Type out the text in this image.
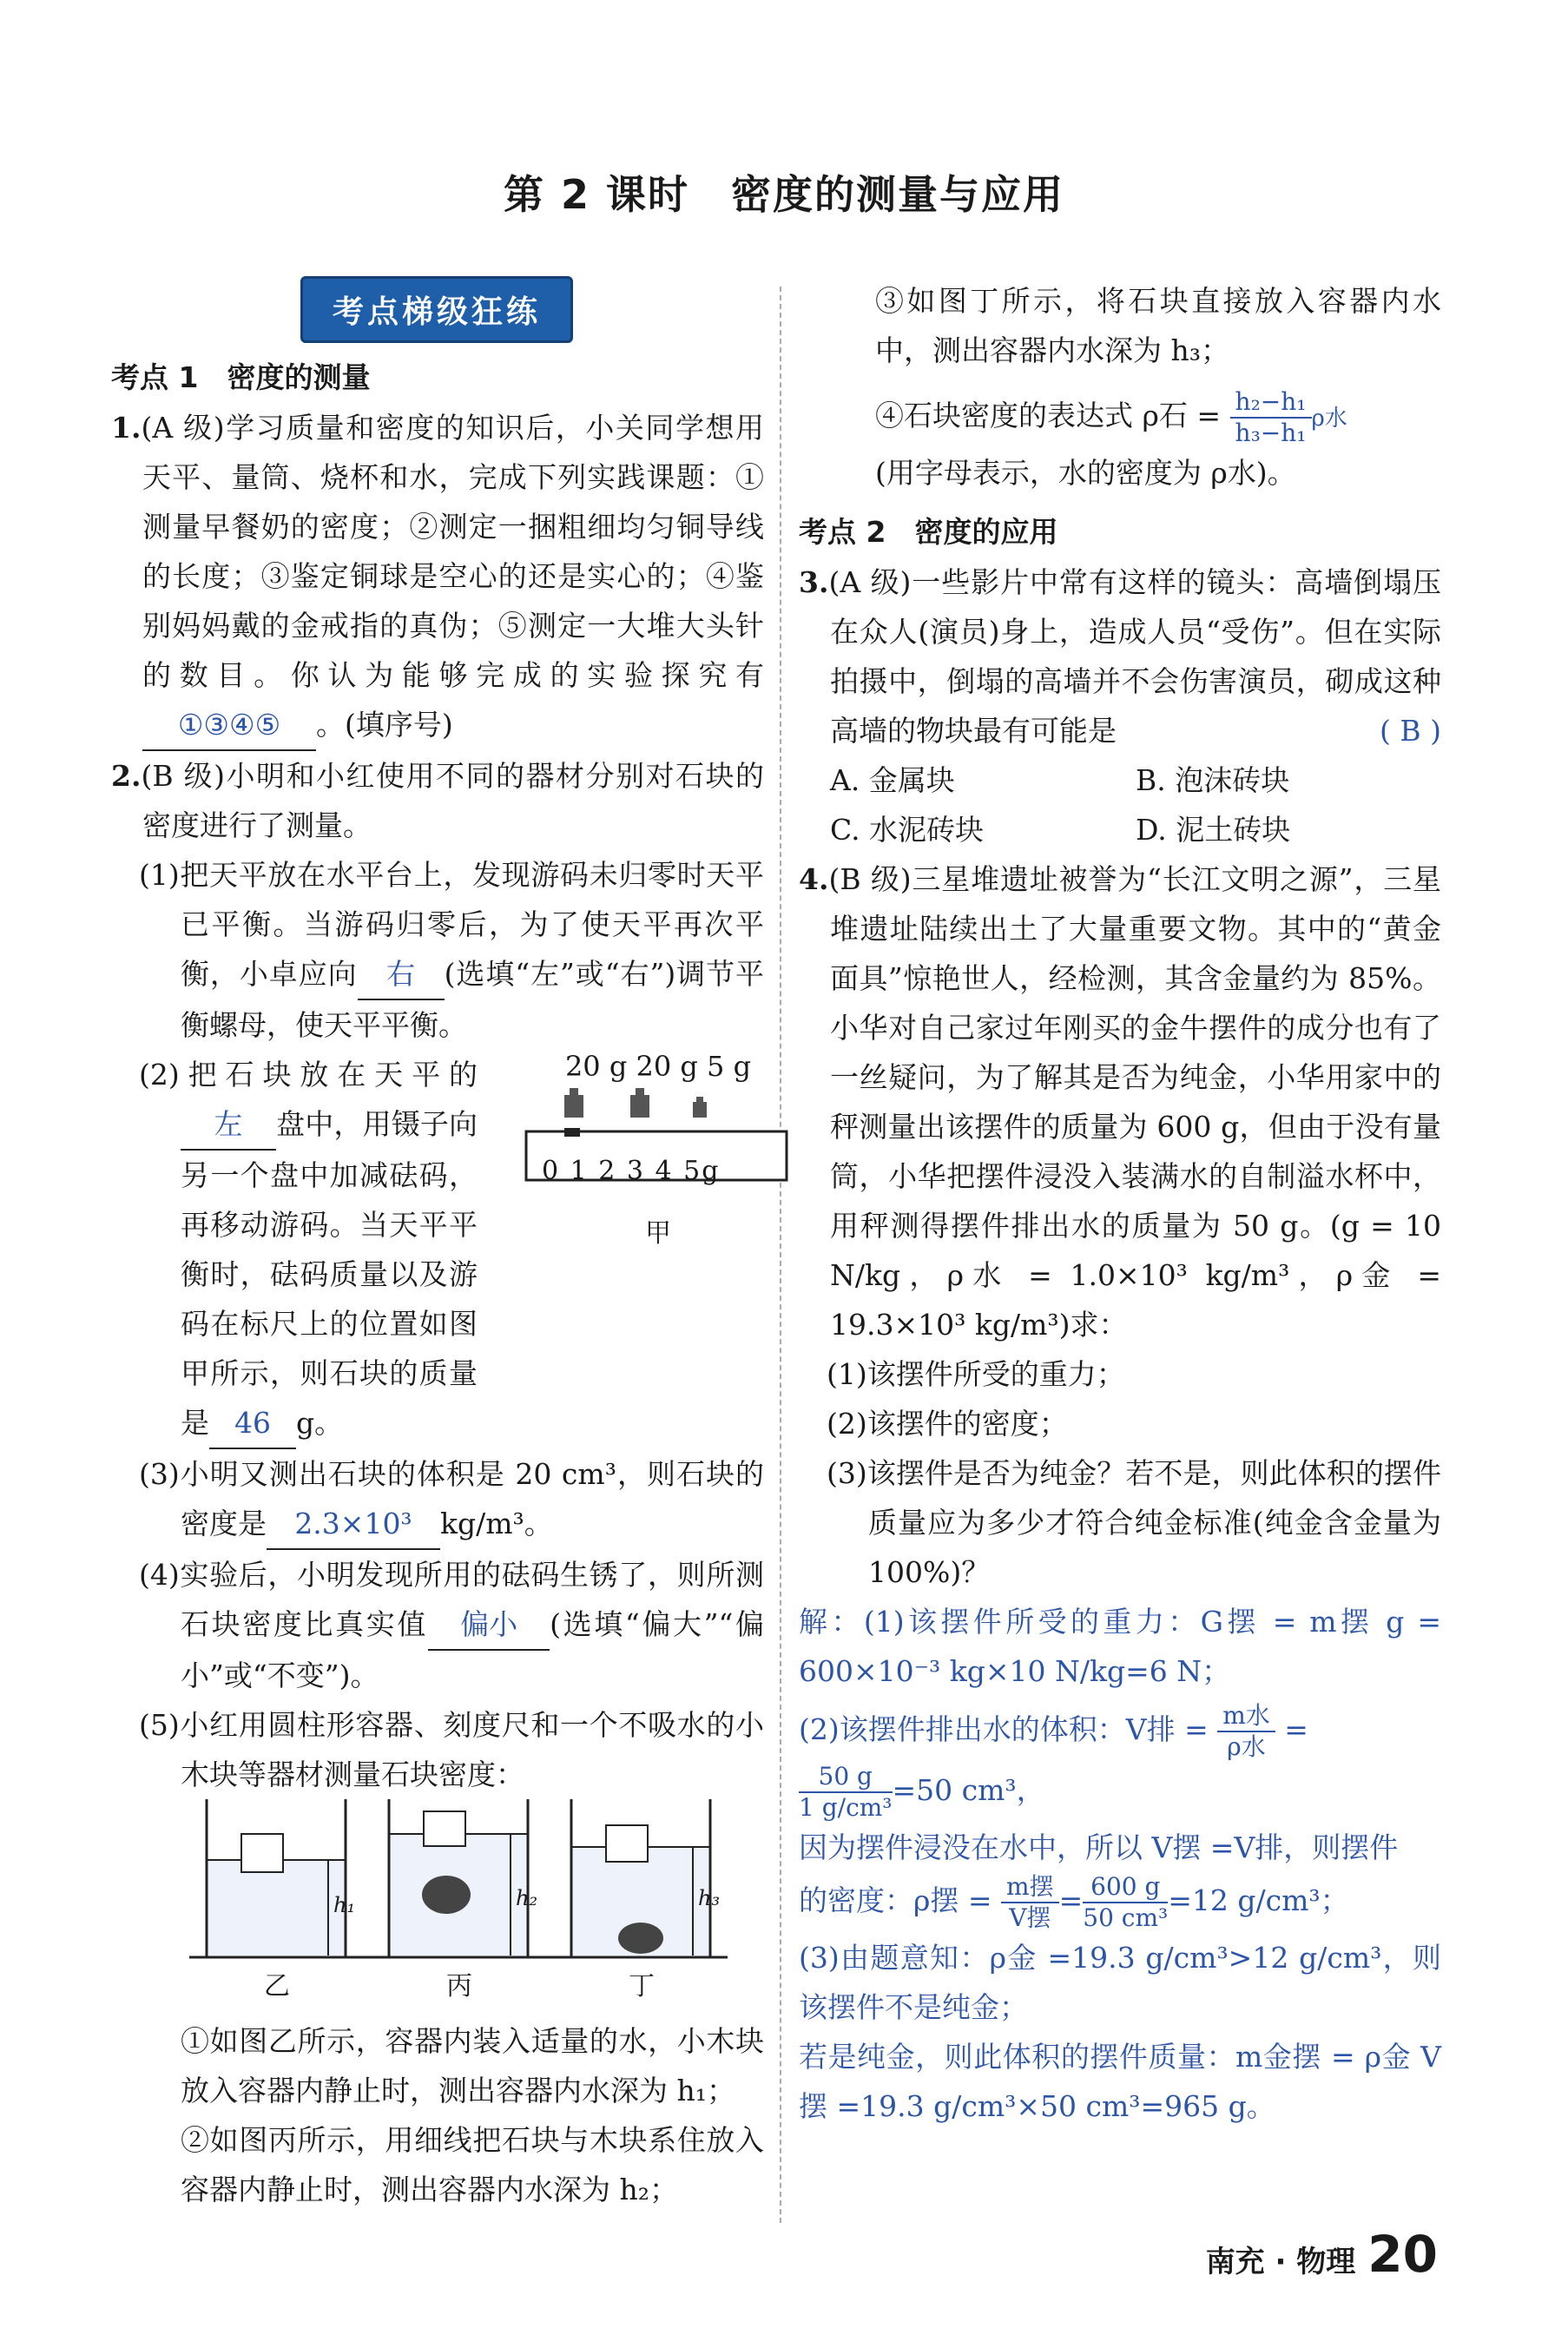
第 2 课时　密度的测量与应用
考点梯级狂练
考点 1　密度的测量

1.(A 级)学习质量和密度的知识后，小关同学想用天平、量筒、烧杯和水，完成下列实践课题：①测量早餐奶的密度；②测定一捆粗细均匀铜导线的长度；③鉴定铜球是空心的还是实心的；④鉴别妈妈戴的金戒指的真伪；⑤测定一大堆大头针的数目。你认为能够完成的实验探究有①③④⑤ 。(填序号)

2.(B 级)小明和小红使用不同的器材分别对石块的密度进行了测量。

(1)把天平放在水平台上，发现游码未归零时天平已平衡。当游码归零后，为了使天平再次平衡，小卓应向 右 (选填“左”或“右”)调节平衡螺母，使天平平衡。

20 g 20 g 5 g
0 1 2 3 4 5g
甲

(2)把石块放在天平的左 盘中，用镊子向另一个盘中加减砝码，再移动游码。当天平平衡时，砝码质量以及游码在标尺上的位置如图甲所示，则石块的质量是 46 g。

(3)小明又测出石块的体积是 20 cm³，则石块的密度是 2.3×10³ kg/m³。

(4)实验后，小明发现所用的砝码生锈了，则所测石块密度比真实值 偏小 (选填“偏大”“偏小”或“不变”)。

(5)小红用圆柱形容器、刻度尺和一个不吸水的小木块等器材测量石块密度：

h₁	h₂	h₃
乙	丙	丁

①如图乙所示，容器内装入适量的水，小木块放入容器内静止时，测出容器内水深为 h₁；

②如图丙所示，用细线把石块与木块系住放入容器内静止时，测出容器内水深为 h₂；

③如图丁所示，将石块直接放入容器内水中，测出容器内水深为 h₃；

④石块密度的表达式 ρ石 = $\frac{\text{h₂−h₁}}{\text{h₃−h₁}}$ ρ水

(用字母表示，水的密度为 ρ水)。

考点 2　密度的应用

3.(A 级)一些影片中常有这样的镜头：高墙倒塌压在众人(演员)身上，造成人员“受伤”。但在实际拍摄中，倒塌的高墙并不会伤害演员，砌成这种高墙的物块最有可能是	( B )

A. 金属块	B. 泡沫砖块
C. 水泥砖块	D. 泥土砖块

4.(B 级)三星堆遗址被誉为“长江文明之源”，三星堆遗址陆续出土了大量重要文物。其中的“黄金面具”惊艳世人，经检测，其含金量约为 85%。小华对自己家过年刚买的金牛摆件的成分也有了一丝疑问，为了解其是否为纯金，小华用家中的秤测量出该摆件的质量为 600 g，但由于没有量筒，小华把摆件浸没入装满水的自制溢水杯中，用秤测得摆件排出水的质量为 50 g。(g = 10 N/kg，ρ水 = 1.0×10³ kg/m³，ρ金 = 19.3×10³ kg/m³)求：

(1)该摆件所受的重力；

(2)该摆件的密度；

(3)该摆件是否为纯金？若不是，则此体积的摆件质量应为多少才符合纯金标准(纯金含金量为 100%)？

解：(1)该摆件所受的重力：G摆 = m摆 g = 600×10⁻³ kg×10 N/kg=6 N；

(2)该摆件排出水的体积：V排 = $\frac{\text{m水}}{\text{ρ水}}$ =

$\frac{50 g}{\text{1 g/cm³}} =50$ cm³，

因为摆件浸没在水中，所以 V摆 =V排，则摆件

的密度：ρ摆 = $\frac{\text{m摆}}{\text{V摆}} = \frac{600 g}{\text{50 cm³}} =12$ g/cm³；

(3)由题意知：ρ金 =19.3 g/cm³>12 g/cm³，则该摆件不是纯金；

若是纯金，则此体积的摆件质量：m金摆 = ρ金 V摆 =19.3 g/cm³×50 cm³=965 g。

南充 · 物理 20
